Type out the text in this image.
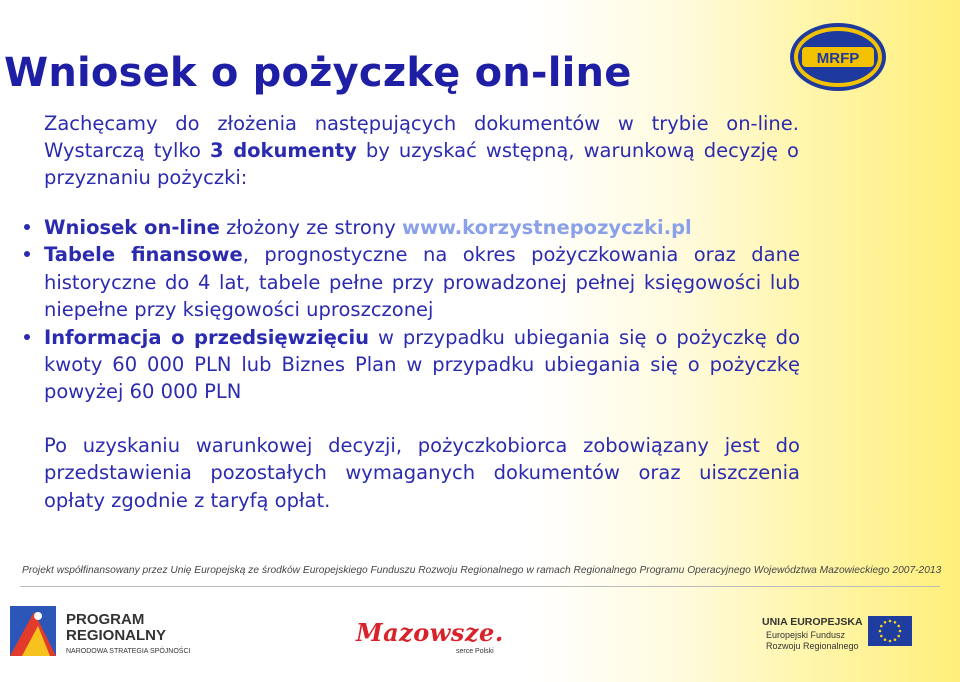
Wniosek o pożyczkę on-line	MRFP
Zachęcamy do złożenia następujących dokumentów w trybie on-line. Wystarczą tylko 3 dokumenty by uzyskać wstępną, warunkową decyzję o przyznaniu pożyczki:

Wniosek on-line złożony ze strony www.korzystnepozyczki.pl

Tabele finansowe, prognostyczne na okres pożyczkowania oraz dane historyczne do 4 lat, tabele pełne przy prowadzonej pełnej księgowości lub niepełne przy księgowości uproszczonej

Informacja o przedsięwzięciu w przypadku ubiegania się o pożyczkę do kwoty 60 000 PLN lub Biznes Plan w przypadku ubiegania się o pożyczkę powyżej 60 000 PLN

Po uzyskaniu warunkowej decyzji, pożyczkobiorca zobowiązany jest do przedstawienia pozostałych wymaganych dokumentów oraz uiszczenia opłaty zgodnie z taryfą opłat.
Projekt współfinansowany przez Unię Europejską ze środków Europejskiego Funduszu Rozwoju Regionalnego w ramach Regionalnego Programu Operacyjnego Województwa Mazowieckiego 2007-2013
PROGRAM
REGIONALNY
NARODOWA STRATEGIA SPÓJNOŚCI
Mazowsze.
serce Polski
UNIA EUROPEJSKA
Europejski Fundusz
Rozwoju Regionalnego
